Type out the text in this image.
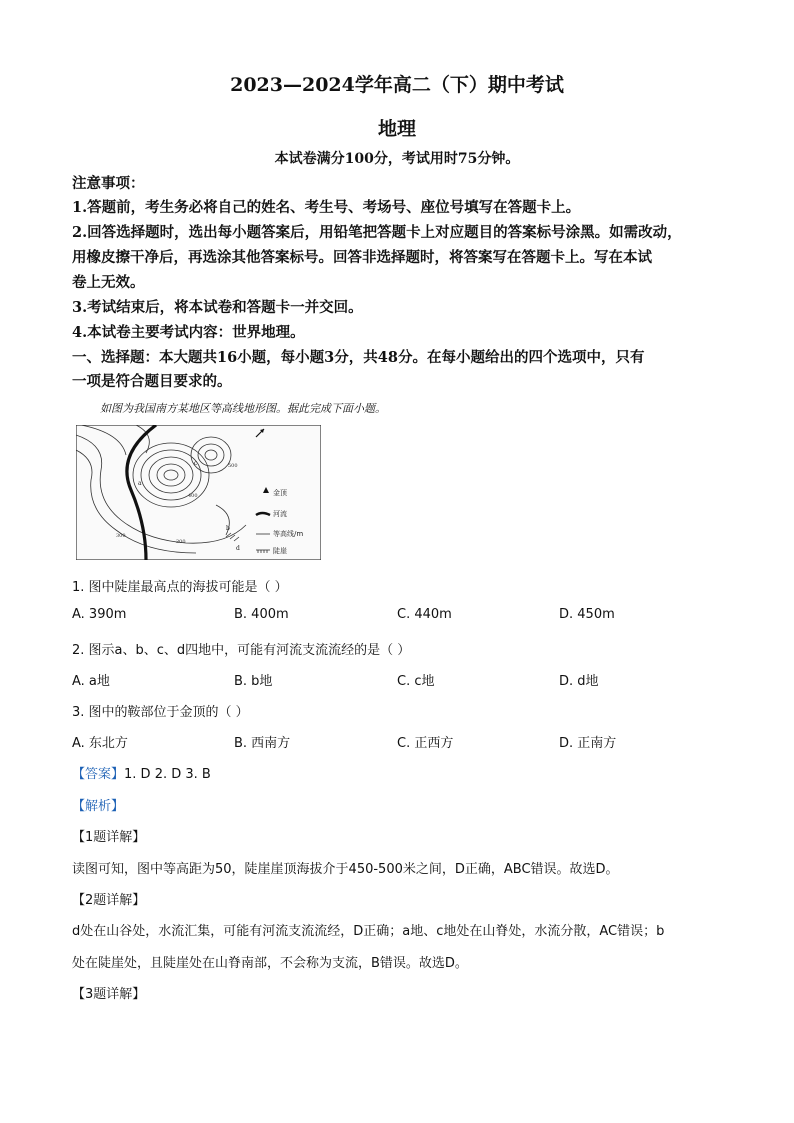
2023—2024学年高二（下）期中考试
地理
本试卷满分100分，考试用时75分钟。
注意事项：
1.答题前，考生务必将自己的姓名、考生号、考场号、座位号填写在答题卡上。
2.回答选择题时，选出每小题答案后，用铅笔把答题卡上对应题目的答案标号涂黑。如需改动，
用橡皮擦干净后，再选涂其他答案标号。回答非选择题时，将答案写在答题卡上。写在本试
卷上无效。
3.考试结束后，将本试卷和答题卡一并交回。
4.本试卷主要考试内容：世界地理。
一、选择题：本大题共16小题，每小题3分，共48分。在每小题给出的四个选项中，只有
一项是符合题目要求的。
如图为我国南方某地区等高线地形图。据此完成下面小题。
金顶
河流
等高线/m
陡崖
300
400
500
300
a
b
c
d
1. 图中陡崖最高点的海拔可能是（ ）
A. 390m	B. 400m	C. 440m	D. 450m
2. 图示a、b、c、d四地中，可能有河流支流流经的是（ ）
A. a地	B. b地	C. c地	D. d地
3. 图中的鞍部位于金顶的（ ）
A. 东北方	B. 西南方	C. 正西方	D. 正南方
【答案】1. D 2. D 3. B
【解析】
【1题详解】
读图可知，图中等高距为50，陡崖崖顶海拔介于450-500米之间，D正确，ABC错误。故选D。
【2题详解】
d处在山谷处，水流汇集，可能有河流支流流经，D正确；a地、c地处在山脊处，水流分散，AC错误；b
处在陡崖处，且陡崖处在山脊南部，不会称为支流，B错误。故选D。
【3题详解】
